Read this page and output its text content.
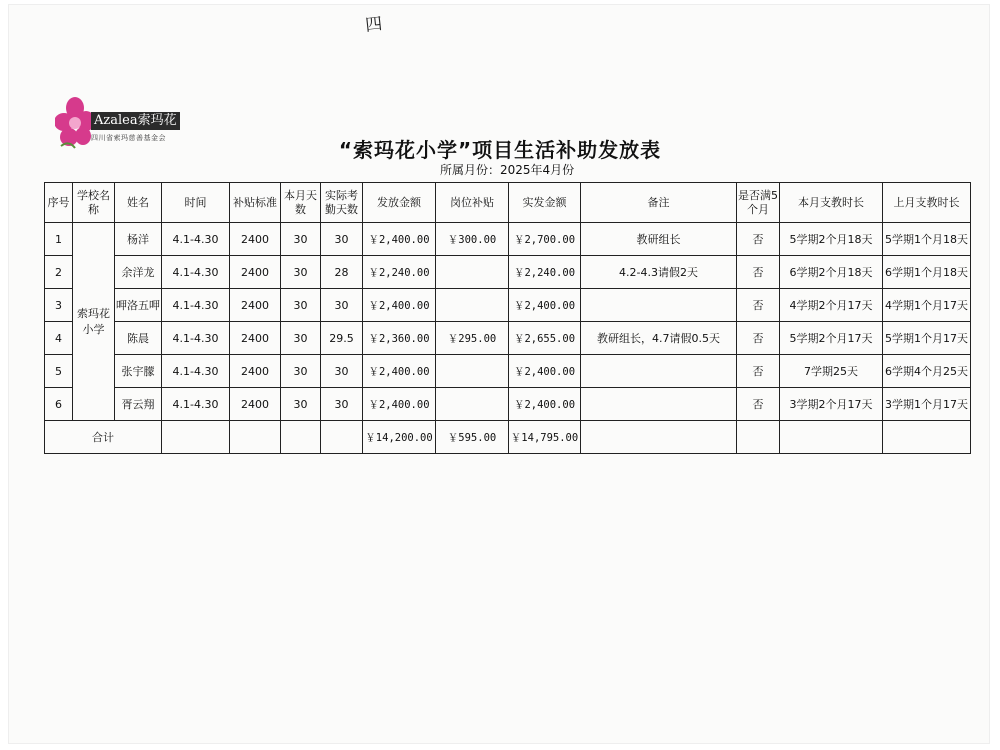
四
Azalea索玛花
四川省索玛慈善基金会	“索玛花小学”项目生活补助发放表
所属月份：2025年4月份
序号	学校名称	姓名	时间	补贴标准	本月天数	实际考勤天数	发放金额	岗位补贴	实发金额	备注	是否满5个月	本月支教时长	上月支教时长
1	索玛花小学	杨洋	4.1-4.30	2400	30	30	￥2,400.00	￥300.00	￥2,700.00	教研组长	否	5学期2个月18天	5学期1个月18天
2		余洋龙	4.1-4.30	2400	30	28	￥2,240.00		￥2,240.00	4.2-4.3请假2天	否	6学期2个月18天	6学期1个月18天
3		呷洛五呷	4.1-4.30	2400	30	30	￥2,400.00		￥2,400.00		否	4学期2个月17天	4学期1个月17天
4		陈晨	4.1-4.30	2400	30	29.5	￥2,360.00	￥295.00	￥2,655.00	教研组长，4.7请假0.5天	否	5学期2个月17天	5学期1个月17天
5		张宇朦	4.1-4.30	2400	30	30	￥2,400.00		￥2,400.00		否	7学期25天	6学期4个月25天
6		胥云翔	4.1-4.30	2400	30	30	￥2,400.00		￥2,400.00		否	3学期2个月17天	3学期1个月17天
合计							￥14,200.00	￥595.00	￥14,795.00				
